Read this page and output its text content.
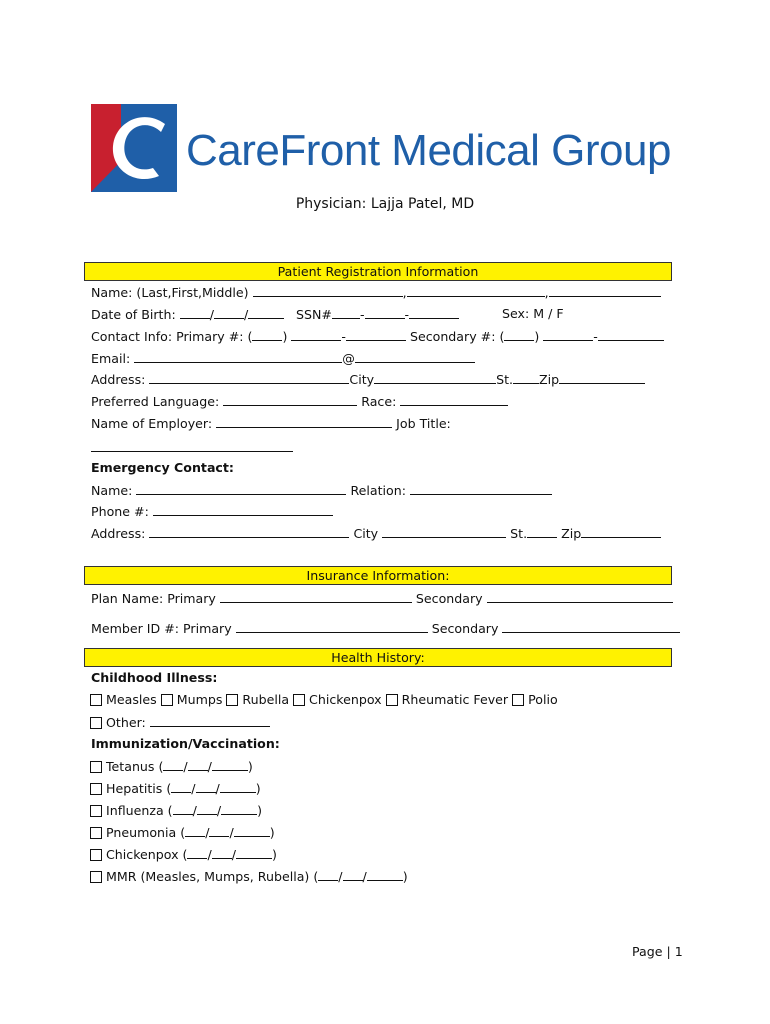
CareFront Medical Group
Physician: Lajja Patel, MD
Patient Registration Information
Name: (Last,First,Middle)	,	,
Date of Birth:	/ /	SSN# -	-	Sex: M / F
Contact Info: Primary #: ( )	-	Secondary #: ( )	-
Email:	@
Address:	City	St. Zip
Preferred Language:	Race:
Name of Employer:	Job Title:
Emergency Contact:
Name:	Relation:
Phone #:
Address:	City	St.	Zip
Insurance Information:
Plan Name: Primary	Secondary
Member ID #: Primary	Secondary
Health History:
Childhood Illness:
Measles Mumps Rubella Chickenpox Rheumatic Fever Polio
Other:
Immunization/Vaccination:
Tetanus ( / /	)
Hepatitis ( / /	)
Influenza ( / /	)
Pneumonia ( / /	)
Chickenpox ( / /	)
MMR (Measles, Mumps, Rubella) ( / /	)
Page | 1
